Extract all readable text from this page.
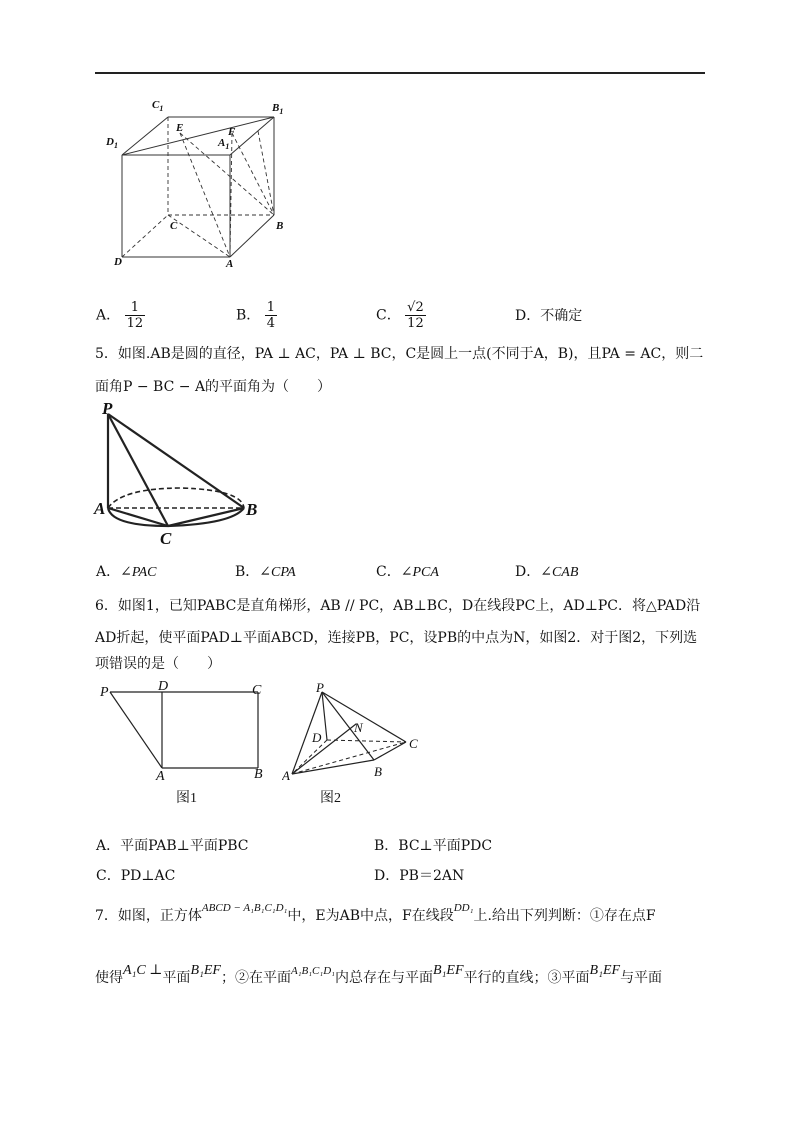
$C_1$	$B_1$
$D_1$	$A_1$
E	F
C	B
D	A
A． $\frac{1}{12}$	B． $\frac{1}{4}$	C． $\frac{√2}{12}$	D．不确定
5．如图.AB是圆的直径，PA ⊥ AC，PA ⊥ BC，C是圆上一点(不同于A，B)，且PA = AC，则二
面角P − BC − A的平面角为（　　）
P
A	B
C
A．∠PAC	B．∠CPA	C．∠PCA	D．∠CAB
6．如图1，已知PABC是直角梯形，AB // PC，AB⊥BC，D在线段PC上，AD⊥PC．将△PAD沿
AD折起，使平面PAD⊥平面ABCD，连接PB，PC，设PB的中点为N，如图2．对于图2，下列选
项错误的是（　　）
P	D	C
A	B
图1
P
D
N
C
A	B
图2
A．平面PAB⊥平面PBC	B．BC⊥平面PDC
C．PD⊥AC	D．PB＝2AN
7．如图，正方体$^{ABCD - A_1B_1C_1D_1}$中，E为AB中点，F在线段$^{DD_1}$上.给出下列判断：①存在点F
使得A₁C ⊥平面B₁EF；②在平面$^{A_1B_1C_1D_1}$内总存在与平面B₁EF平行的直线；③平面B₁EF与平面
